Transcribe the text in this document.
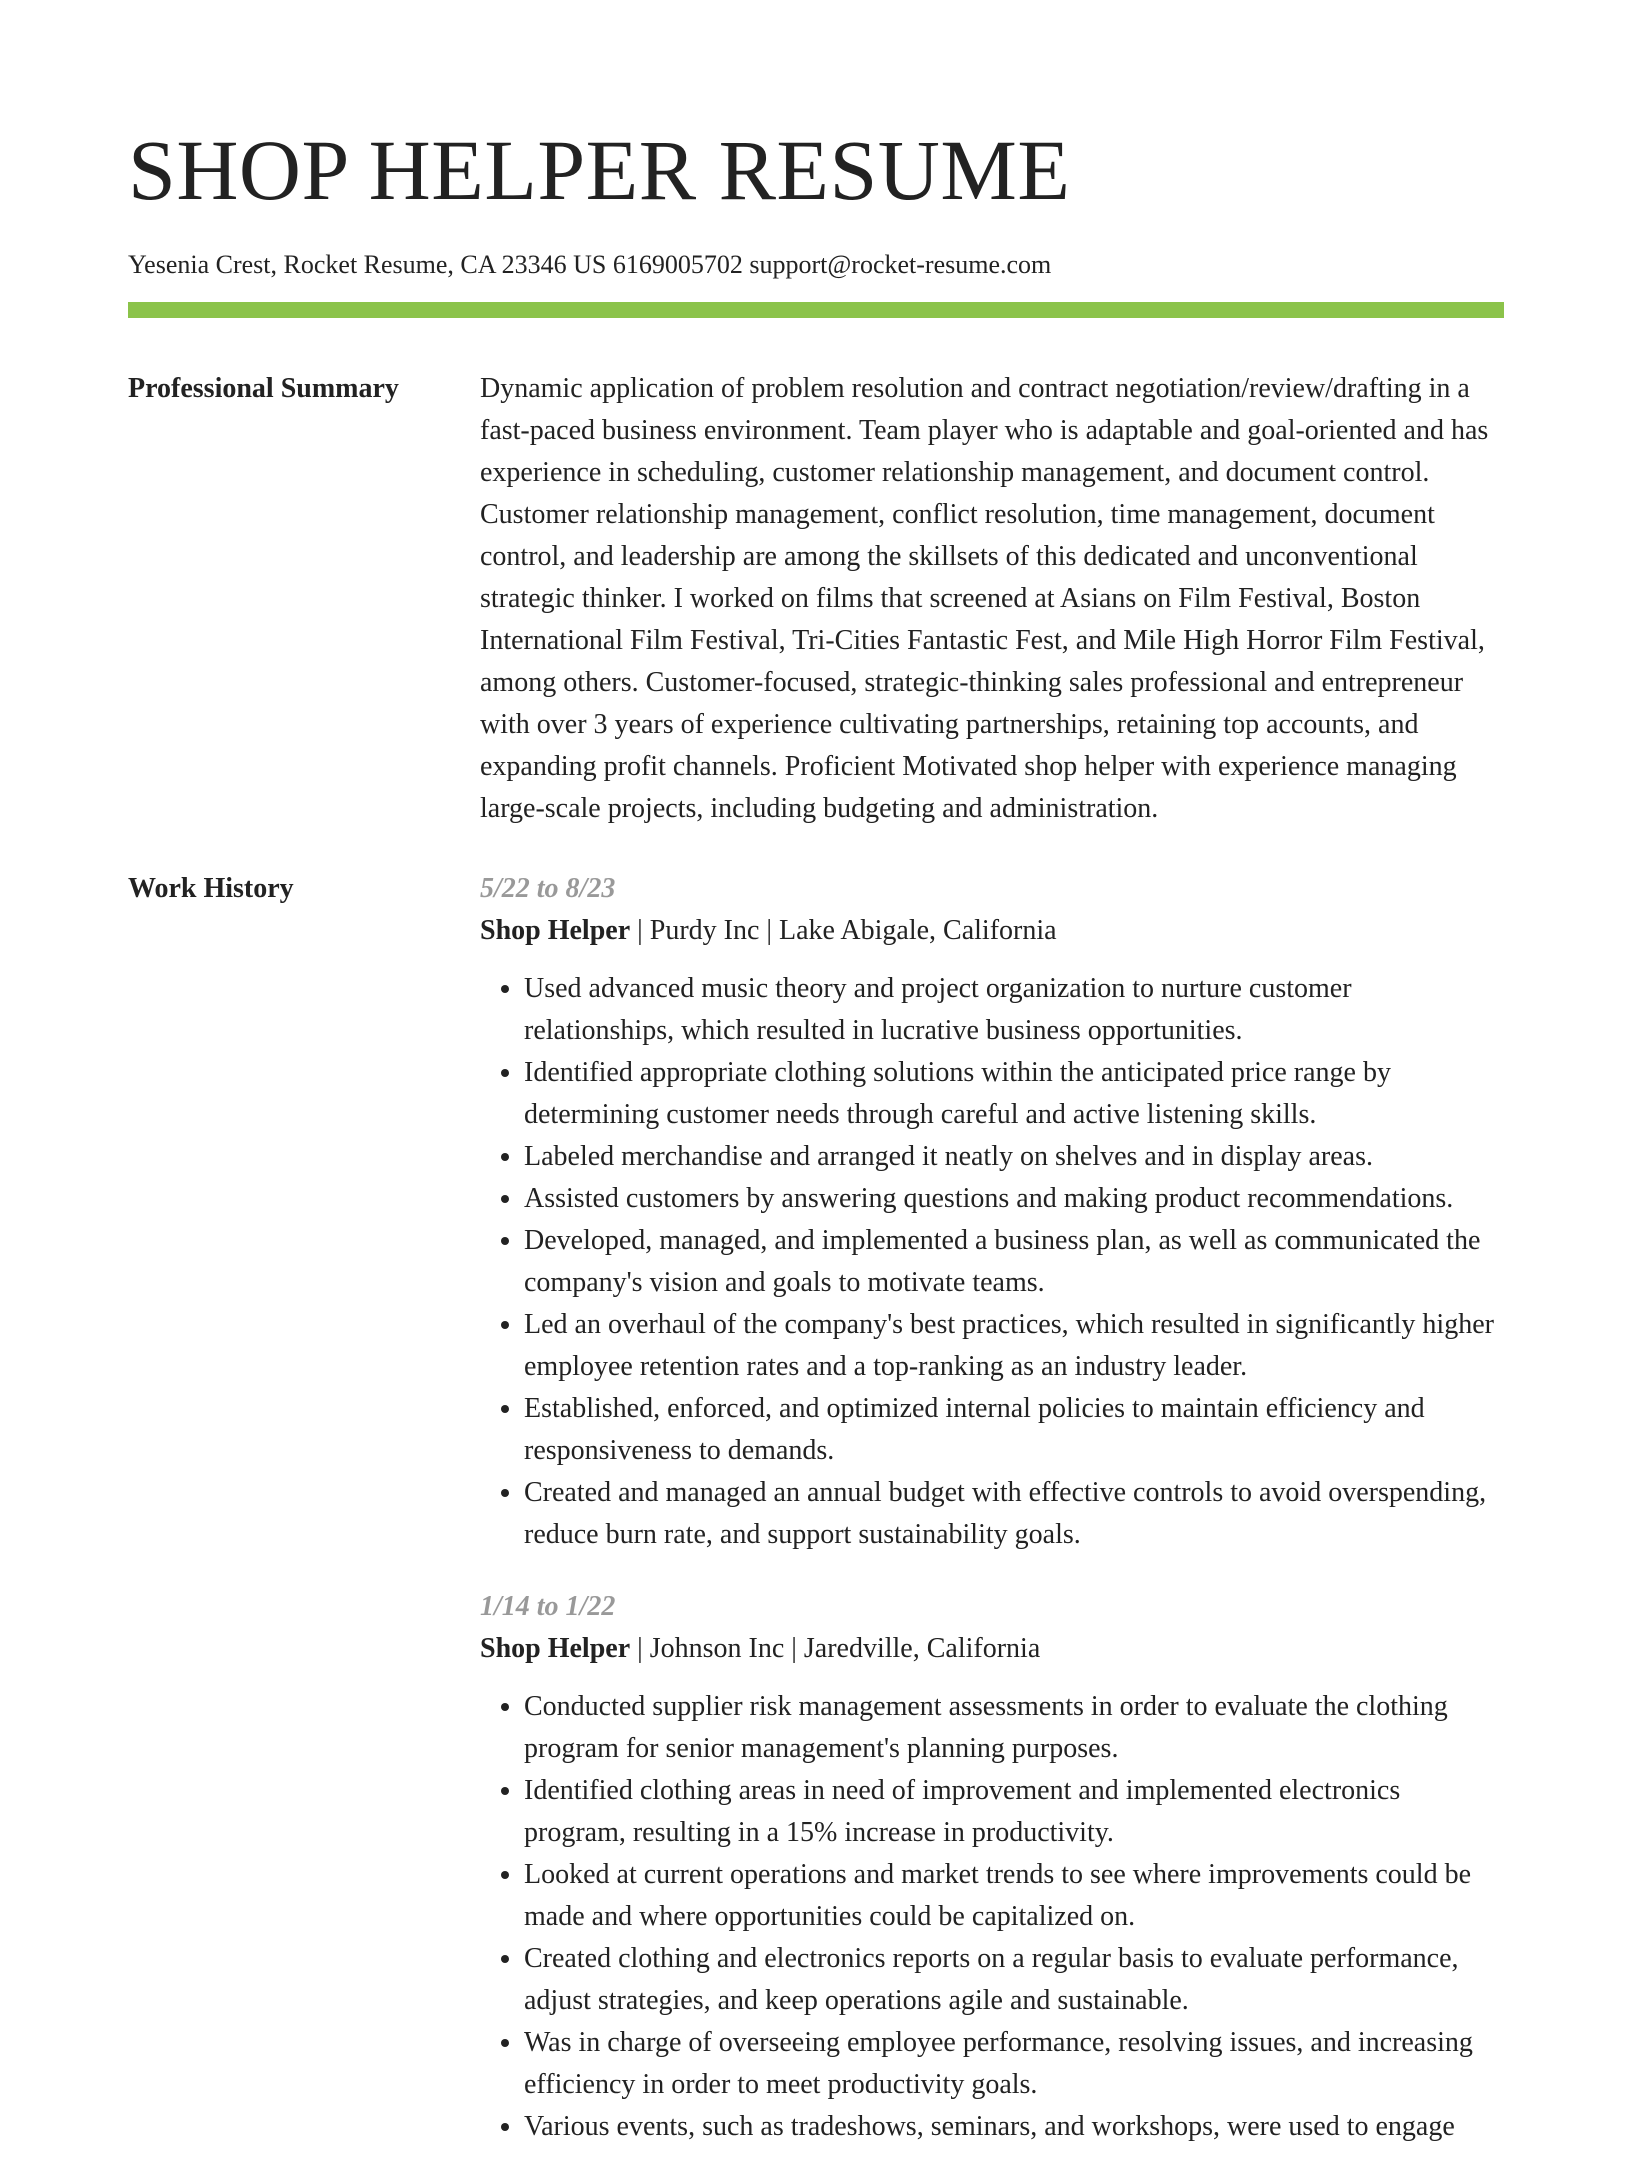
SHOP HELPER RESUME
Yesenia Crest, Rocket Resume, CA 23346 US 6169005702 support@rocket-resume.com
Professional Summary	Dynamic application of problem resolution and contract negotiation/review/drafting in a fast-paced business environment. Team player who is adaptable and goal-oriented and has experience in scheduling, customer relationship management, and document control. Customer relationship management, conflict resolution, time management, document control, and leadership are among the skillsets of this dedicated and unconventional strategic thinker. I worked on films that screened at Asians on Film Festival, Boston International Film Festival, Tri-Cities Fantastic Fest, and Mile High Horror Film Festival, among others. Customer-focused, strategic-thinking sales professional and entrepreneur with over 3 years of experience cultivating partnerships, retaining top accounts, and expanding profit channels. Proficient Motivated shop helper with experience managing large-scale projects, including budgeting and administration.

Work History	5/22 to 8/23
Shop Helper | Purdy Inc | Lake Abigale, California
• Used advanced music theory and project organization to nurture customer relationships, which resulted in lucrative business opportunities.
• Identified appropriate clothing solutions within the anticipated price range by determining customer needs through careful and active listening skills.
• Labeled merchandise and arranged it neatly on shelves and in display areas.
• Assisted customers by answering questions and making product recommendations.
• Developed, managed, and implemented a business plan, as well as communicated the company's vision and goals to motivate teams.
• Led an overhaul of the company's best practices, which resulted in significantly higher employee retention rates and a top-ranking as an industry leader.
• Established, enforced, and optimized internal policies to maintain efficiency and responsiveness to demands.
• Created and managed an annual budget with effective controls to avoid overspending, reduce burn rate, and support sustainability goals.
1/14 to 1/22
Shop Helper | Johnson Inc | Jaredville, California
• Conducted supplier risk management assessments in order to evaluate the clothing program for senior management's planning purposes.
• Identified clothing areas in need of improvement and implemented electronics program, resulting in a 15% increase in productivity.
• Looked at current operations and market trends to see where improvements could be made and where opportunities could be capitalized on.
• Created clothing and electronics reports on a regular basis to evaluate performance, adjust strategies, and keep operations agile and sustainable.
• Was in charge of overseeing employee performance, resolving issues, and increasing efficiency in order to meet productivity goals.
• Various events, such as tradeshows, seminars, and workshops, were used to engage
